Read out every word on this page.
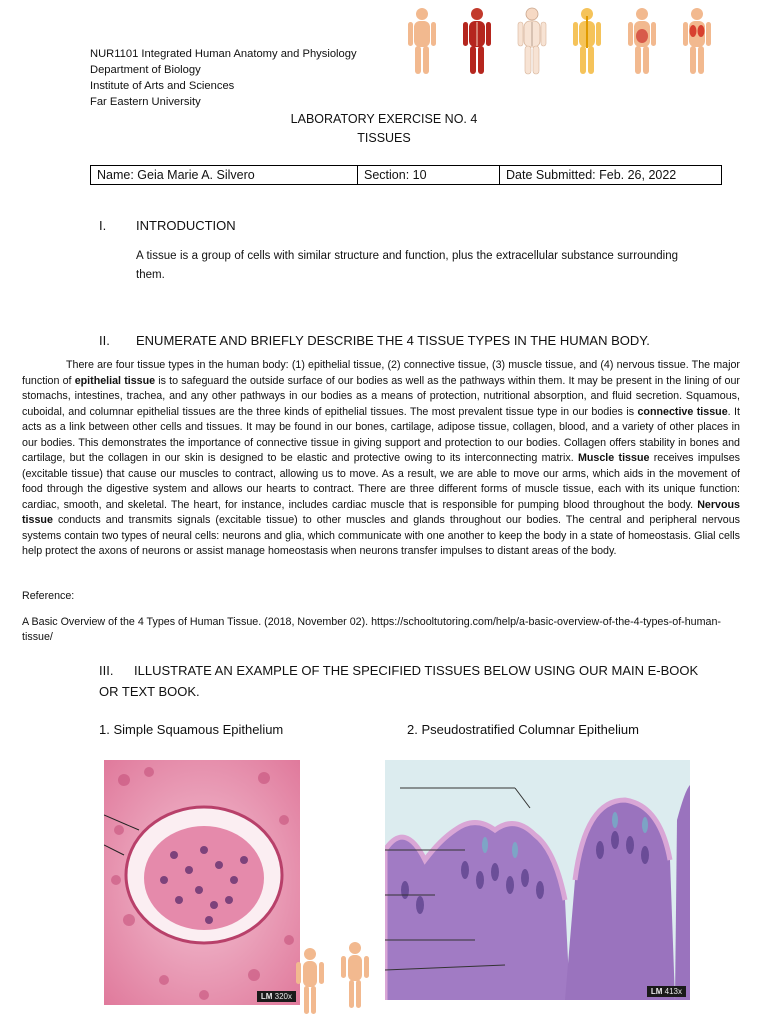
NUR1101 Integrated Human Anatomy and Physiology
Department of Biology
Institute of Arts and Sciences
Far Eastern University
LABORATORY EXERCISE NO. 4
TISSUES
Name: Geia Marie A. Silvero	Section: 10	Date Submitted: Feb. 26, 2022
I. INTRODUCTION
A tissue is a group of cells with similar structure and function, plus the extracellular substance surrounding them.
II. ENUMERATE AND BRIEFLY DESCRIBE THE 4 TISSUE TYPES IN THE HUMAN BODY.

There are four tissue types in the human body: (1) epithelial tissue, (2) connective tissue, (3) muscle tissue, and (4) nervous tissue. The major function of epithelial tissue is to safeguard the outside surface of our bodies as well as the pathways within them. It may be present in the lining of our stomachs, intestines, trachea, and any other pathways in our bodies as a means of protection, nutritional absorption, and fluid secretion. Squamous, cuboidal, and columnar epithelial tissues are the three kinds of epithelial tissues. The most prevalent tissue type in our bodies is connective tissue. It acts as a link between other cells and tissues. It may be found in our bones, cartilage, adipose tissue, collagen, blood, and a variety of other places in our bodies. This demonstrates the importance of connective tissue in giving support and protection to our bodies. Collagen offers stability in bones and cartilage, but the collagen in our skin is designed to be elastic and protective owing to its interconnecting matrix. Muscle tissue receives impulses (excitable tissue) that cause our muscles to contract, allowing us to move. As a result, we are able to move our arms, which aids in the movement of food through the digestive system and allows our hearts to contract. There are three different forms of muscle tissue, each with its unique function: cardiac, smooth, and skeletal. The heart, for instance, includes cardiac muscle that is responsible for pumping blood throughout the body. Nervous tissue conducts and transmits signals (excitable tissue) to other muscles and glands throughout our bodies. The central and peripheral nervous systems contain two types of neural cells: neurons and glia, which communicate with one another to keep the body in a state of homeostasis. Glial cells help protect the axons of neurons or assist manage homeostasis when neurons transfer impulses to distant areas of the body.

Reference:
A Basic Overview of the 4 Types of Human Tissue. (2018, November 02). https://schooltutoring.com/help/a-basic-overview-of-the-4-types-of-human-tissue/
III. ILLUSTRATE AN EXAMPLE OF THE SPECIFIED TISSUES BELOW USING OUR MAIN E-BOOK OR TEXT BOOK.
1. Simple Squamous Epithelium	2. Pseudostratified Columnar Epithelium
LM 320x
LM 413x
